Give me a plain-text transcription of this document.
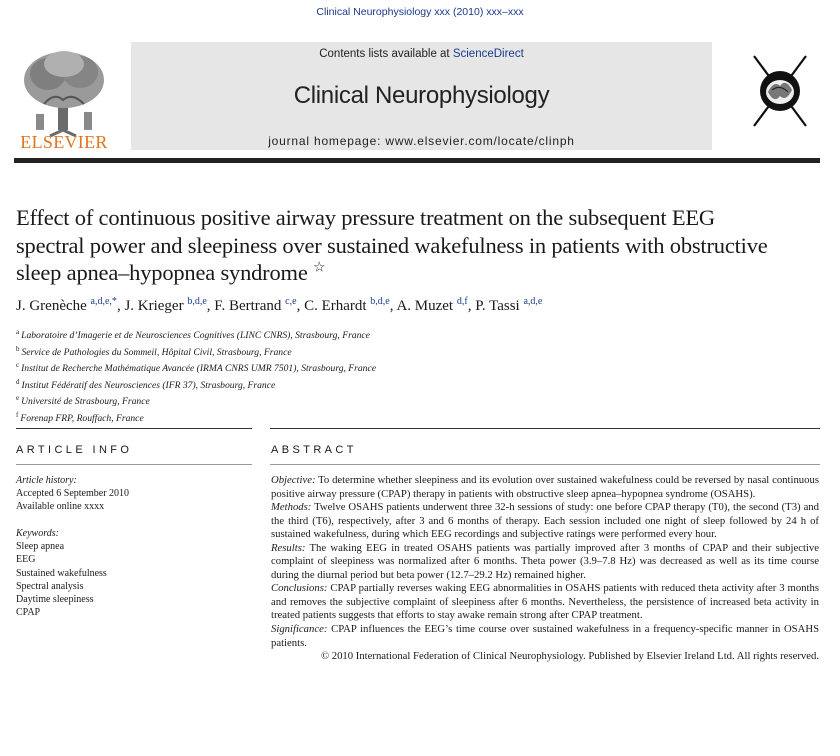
Clinical Neurophysiology xxx (2010) xxx–xxx
ELSEVIER
Contents lists available at ScienceDirect
Clinical Neurophysiology
journal homepage: www.elsevier.com/locate/clinph
Effect of continuous positive airway pressure treatment on the subsequent EEG spectral power and sleepiness over sustained wakefulness in patients with obstructive sleep apnea–hypopnea syndrome ☆
J. Grenèche $^{a,d,e,*}$, J. Krieger $^{b,d,e}$, F. Bertrand $^{c,e}$, C. Erhardt $^{b,d,e}$, A. Muzet $^{d,f}$, P. Tassi $^{a,d,e}$
$^a$ Laboratoire d’Imagerie et de Neurosciences Cognitives (LINC CNRS), Strasbourg, France
$^b$ Service de Pathologies du Sommeil, Hôpital Civil, Strasbourg, France
$^c$ Institut de Recherche Mathématique Avancée (IRMA CNRS UMR 7501), Strasbourg, France
$^d$ Institut Fédératif des Neurosciences (IFR 37), Strasbourg, France
$^e$ Université de Strasbourg, France
$^f$ Forenap FRP, Rouffach, France
ARTICLE INFO	ABSTRACT
Article history:
Accepted 6 September 2010
Available online xxxx
Keywords:
Sleep apnea
EEG
Sustained wakefulness
Spectral analysis
Daytime sleepiness
CPAP

Objective: To determine whether sleepiness and its evolution over sustained wakefulness could be reversed by nasal continuous positive airway pressure (CPAP) therapy in patients with obstructive sleep apnea–hypopnea syndrome (OSAHS).

Methods: Twelve OSAHS patients underwent three 32-h sessions of study: one before CPAP therapy (T0), the second (T3) and the third (T6), respectively, after 3 and 6 months of therapy. Each session included one night of sleep followed by 24 h of sustained wakefulness, during which EEG recordings and subjective ratings were performed every hour.

Results: The waking EEG in treated OSAHS patients was partially improved after 3 months of CPAP and their subjective complaint of sleepiness was normalized after 6 months. Theta power (3.9–7.8 Hz) was decreased as well as its time course during the diurnal period but beta power (12.7–29.2 Hz) remained higher.

Conclusions: CPAP partially reverses waking EEG abnormalities in OSAHS patients with reduced theta activity after 3 months and removes the subjective complaint of sleepiness after 6 months. Nevertheless, the persistence of increased beta activity in treated patients suggests that efforts to stay awake remain strong after CPAP treatment.

Significance: CPAP influences the EEG’s time course over sustained wakefulness in a frequency-specific manner in OSAHS patients.

© 2010 International Federation of Clinical Neurophysiology. Published by Elsevier Ireland Ltd. All rights reserved.
